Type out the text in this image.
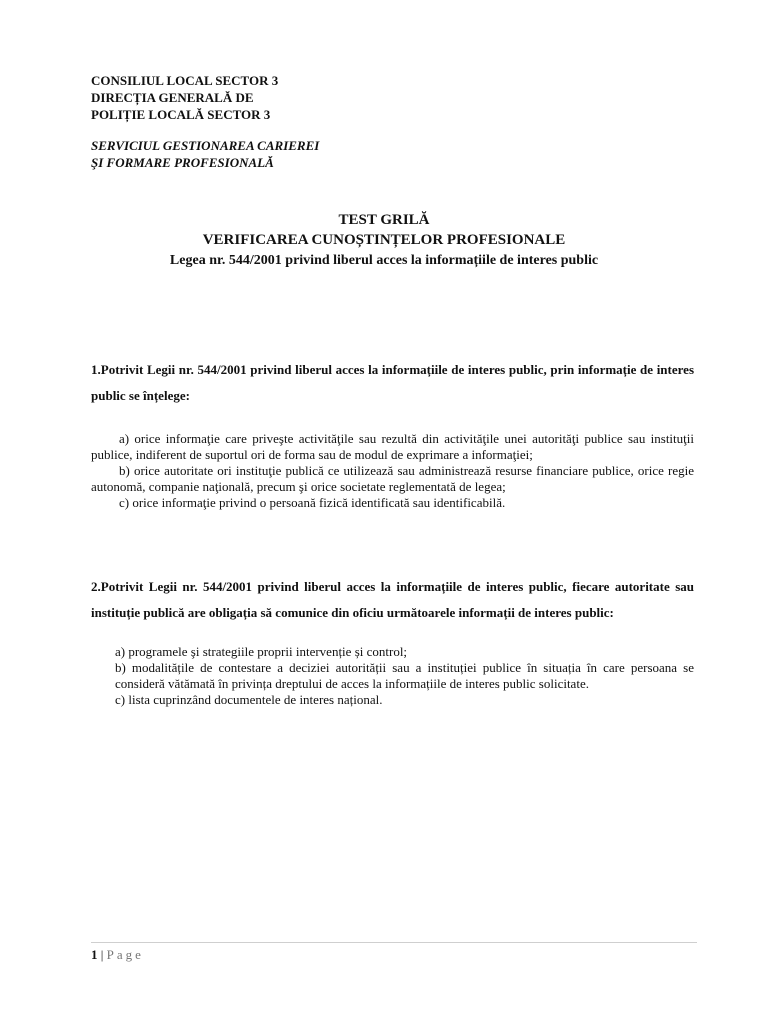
CONSILIUL LOCAL SECTOR 3
DIRECȚIA GENERALĂ DE
POLIȚIE LOCALĂ SECTOR 3
SERVICIUL GESTIONAREA CARIEREI
ŞI FORMARE PROFESIONALĂ
TEST GRILĂ
VERIFICAREA CUNOȘTINȚELOR PROFESIONALE
Legea nr. 544/2001 privind liberul acces la informațiile de interes public

1.Potrivit Legii nr. 544/2001 privind liberul acces la informațiile de interes public, prin informație de interes public se înțelege:

a) orice informaţie care priveşte activităţile sau rezultă din activităţile unei autorităţi publice sau instituţii publice, indiferent de suportul ori de forma sau de modul de exprimare a informaţiei;

b) orice autoritate ori instituţie publică ce utilizează sau administrează resurse financiare publice, orice regie autonomă, companie naţională, precum şi orice societate reglementată de legea;

c) orice informaţie privind o persoană fizică identificată sau identificabilă.

2.Potrivit Legii nr. 544/2001 privind liberul acces la informațiile de interes public, fiecare autoritate sau instituție publică are obligația să comunice din oficiu următoarele informații de interes public:

a) programele şi strategiile proprii intervenție și control;

b) modalitățile de contestare a deciziei autorității sau a instituției publice în situația în care persoana se consideră vătămată în privința dreptului de acces la informațiile de interes public solicitate.

c) lista cuprinzând documentele de interes național.

1 | Page
